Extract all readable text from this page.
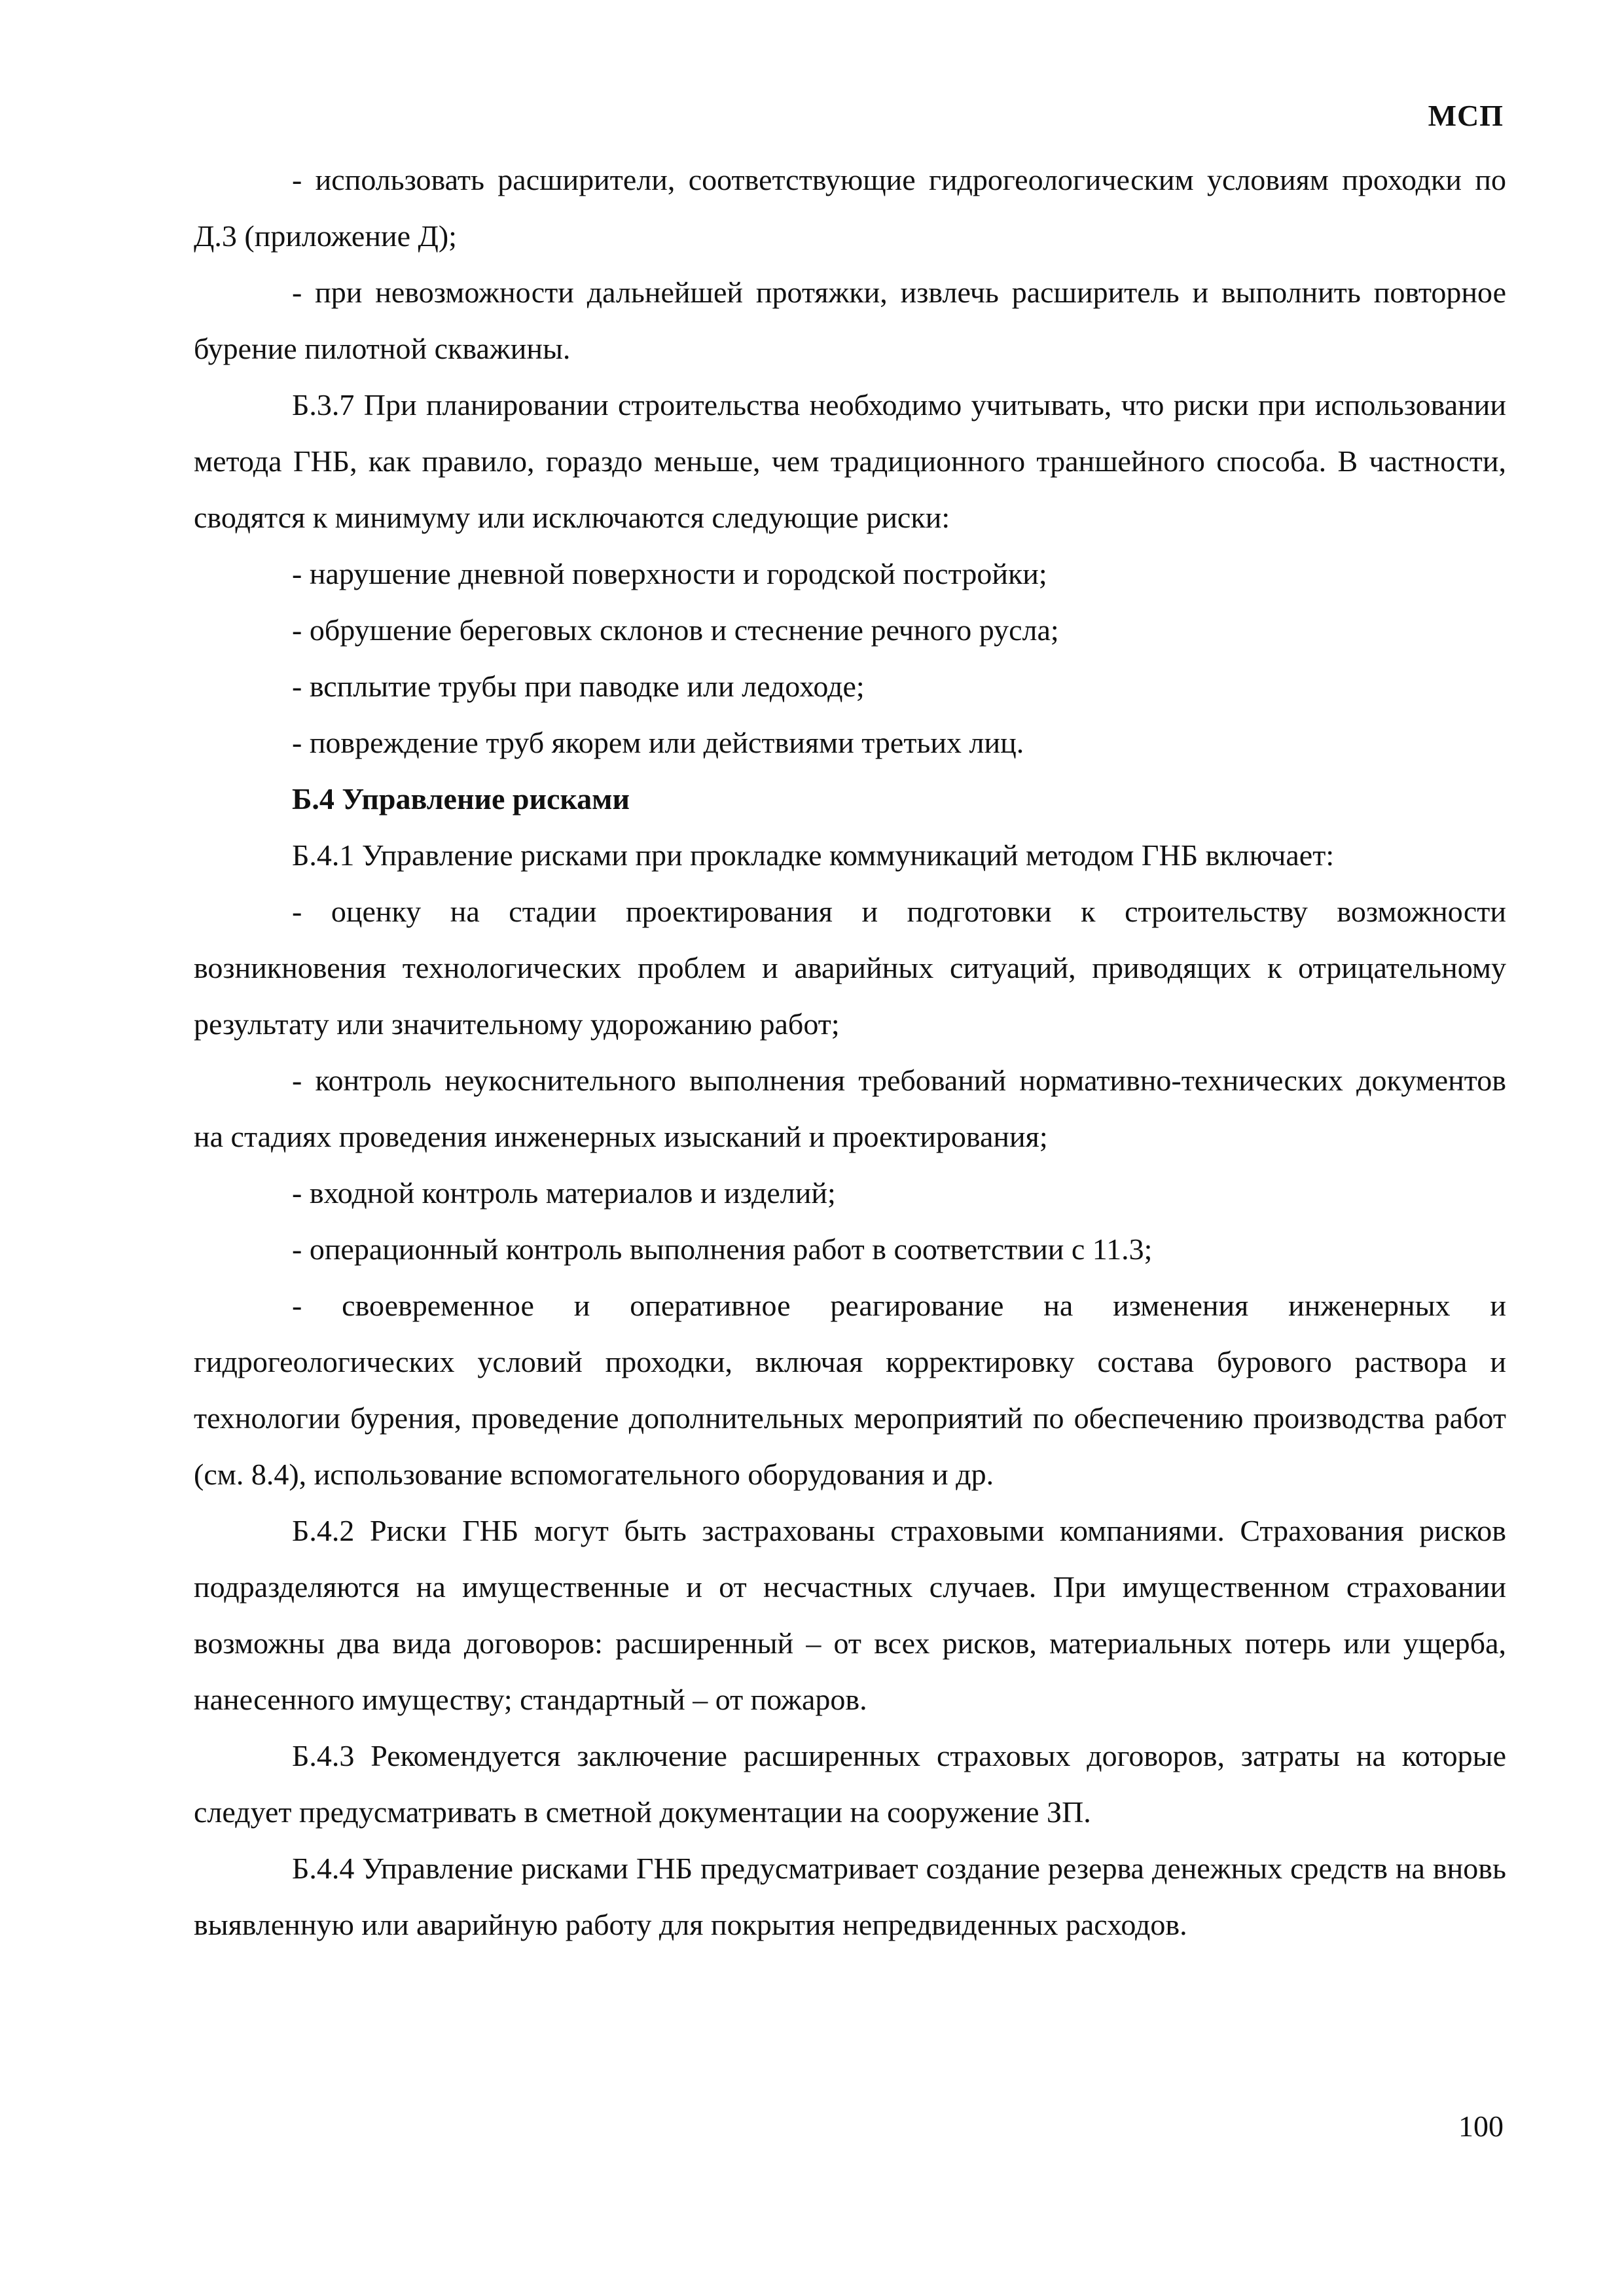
МСП

- использовать расширители, соответствующие гидрогеологическим условиям проходки по Д.3 (приложение Д);

- при невозможности дальнейшей протяжки, извлечь расширитель и выполнить повторное бурение пилотной скважины.

Б.3.7 При планировании строительства необходимо учитывать, что риски при использовании метода ГНБ, как правило, гораздо меньше, чем традиционного траншейного способа. В частности, сводятся к минимуму или исключаются следующие риски:

- нарушение дневной поверхности и городской постройки;

- обрушение береговых склонов и стеснение речного русла;

- всплытие трубы при паводке или ледоходе;

- повреждение труб якорем или действиями третьих лиц.

Б.4 Управление рисками

Б.4.1 Управление рисками при прокладке коммуникаций методом ГНБ включает:

- оценку на стадии проектирования и подготовки к строительству возможности возникновения технологических проблем и аварийных ситуаций, приводящих к отрицательному результату или значительному удорожанию работ;

- контроль неукоснительного выполнения требований нормативно-технических документов на стадиях проведения инженерных изысканий и проектирования;

- входной контроль материалов и изделий;

- операционный контроль выполнения работ в соответствии с 11.3;

- своевременное и оперативное реагирование на изменения инженерных и гидрогеологических условий проходки, включая корректировку состава бурового раствора и технологии бурения, проведение дополнительных мероприятий по обеспечению производства работ (см. 8.4), использование вспомогательного оборудования и др.

Б.4.2 Риски ГНБ могут быть застрахованы страховыми компаниями. Страхования рисков подразделяются на имущественные и от несчастных случаев. При имущественном страховании возможны два вида договоров: расширенный – от всех рисков, материальных потерь или ущерба, нанесенного имуществу; стандартный – от пожаров.

Б.4.3 Рекомендуется заключение расширенных страховых договоров, затраты на которые следует предусматривать в сметной документации на сооружение ЗП.

Б.4.4 Управление рисками ГНБ предусматривает создание резерва денежных средств на вновь выявленную или аварийную работу для покрытия непредвиденных расходов.

100
